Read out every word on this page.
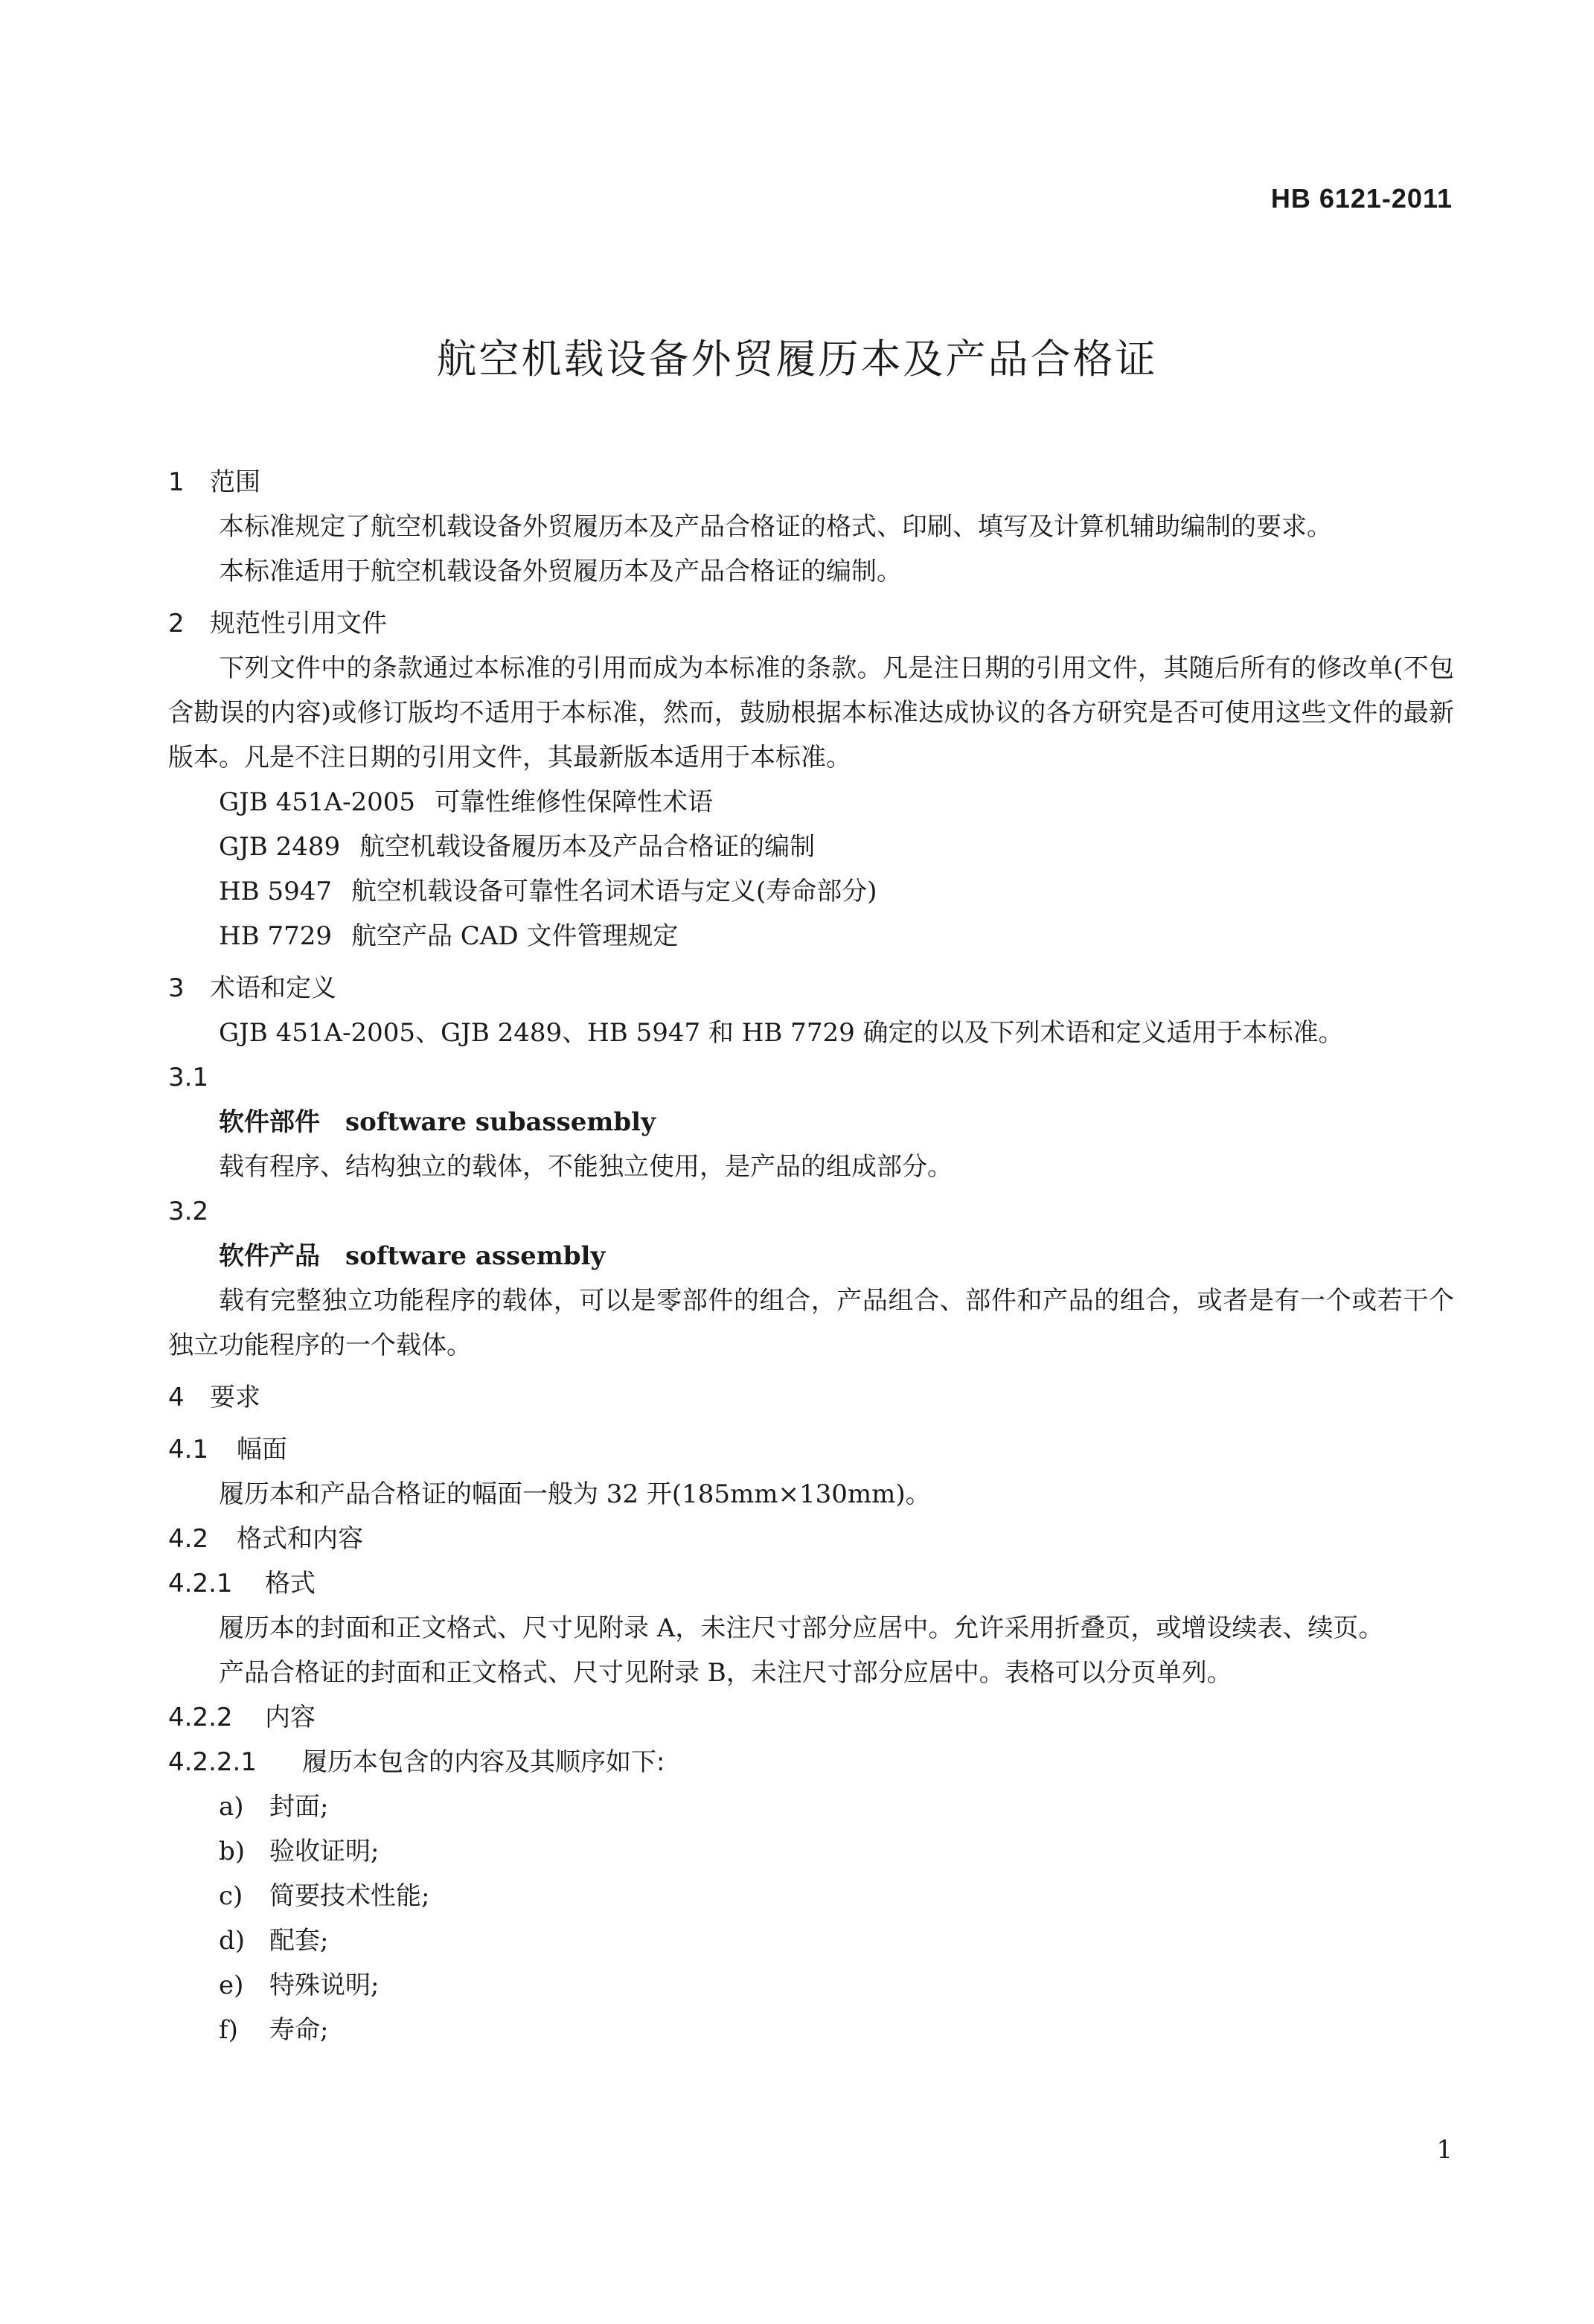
HB 6121-2011
航空机载设备外贸履历本及产品合格证
1 范围
本标准规定了航空机载设备外贸履历本及产品合格证的格式、印刷、填写及计算机辅助编制的要求。
本标准适用于航空机载设备外贸履历本及产品合格证的编制。
2 规范性引用文件
下列文件中的条款通过本标准的引用而成为本标准的条款。凡是注日期的引用文件，其随后所有的修改单(不包含勘误的内容)或修订版均不适用于本标准，然而，鼓励根据本标准达成协议的各方研究是否可使用这些文件的最新版本。凡是不注日期的引用文件，其最新版本适用于本标准。
GJB 451A-2005 可靠性维修性保障性术语
GJB 2489 航空机载设备履历本及产品合格证的编制
HB 5947 航空机载设备可靠性名词术语与定义(寿命部分)
HB 7729 航空产品 CAD 文件管理规定
3 术语和定义
GJB 451A-2005、GJB 2489、HB 5947 和 HB 7729 确定的以及下列术语和定义适用于本标准。
3.1
软件部件 software subassembly
载有程序、结构独立的载体，不能独立使用，是产品的组成部分。
3.2
软件产品 software assembly
载有完整独立功能程序的载体，可以是零部件的组合，产品组合、部件和产品的组合，或者是有一个或若干个独立功能程序的一个载体。
4 要求
4.1 幅面
履历本和产品合格证的幅面一般为 32 开(185mm×130mm)。
4.2 格式和内容
4.2.1 格式
履历本的封面和正文格式、尺寸见附录 A，未注尺寸部分应居中。允许采用折叠页，或增设续表、续页。
产品合格证的封面和正文格式、尺寸见附录 B，未注尺寸部分应居中。表格可以分页单列。
4.2.2 内容
4.2.2.1 履历本包含的内容及其顺序如下:
a) 封面;
b) 验收证明;
c) 简要技术性能;
d) 配套;
e) 特殊说明;
f) 寿命;
1
